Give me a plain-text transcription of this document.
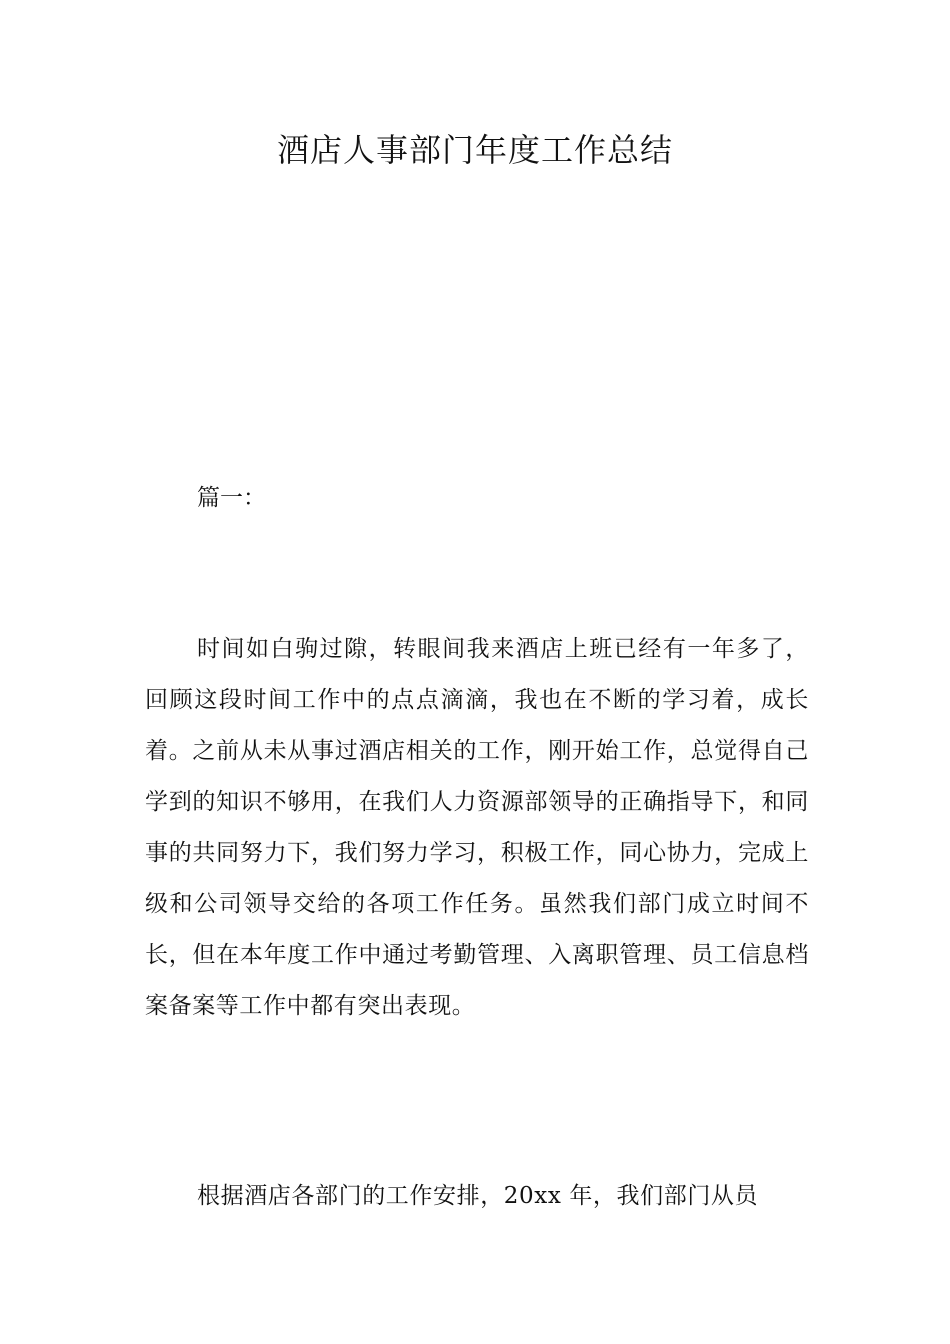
酒店人事部门年度工作总结

篇一：

时间如白驹过隙，转眼间我来酒店上班已经有一年多了，回顾这段时间工作中的点点滴滴，我也在不断的学习着，成长着。之前从未从事过酒店相关的工作，刚开始工作，总觉得自己学到的知识不够用，在我们人力资源部领导的正确指导下，和同事的共同努力下，我们努力学习，积极工作，同心协力，完成上级和公司领导交给的各项工作任务。虽然我们部门成立时间不长，但在本年度工作中通过考勤管理、入离职管理、员工信息档案备案等工作中都有突出表现。

根据酒店各部门的工作安排，20xx 年，我们部门从员
